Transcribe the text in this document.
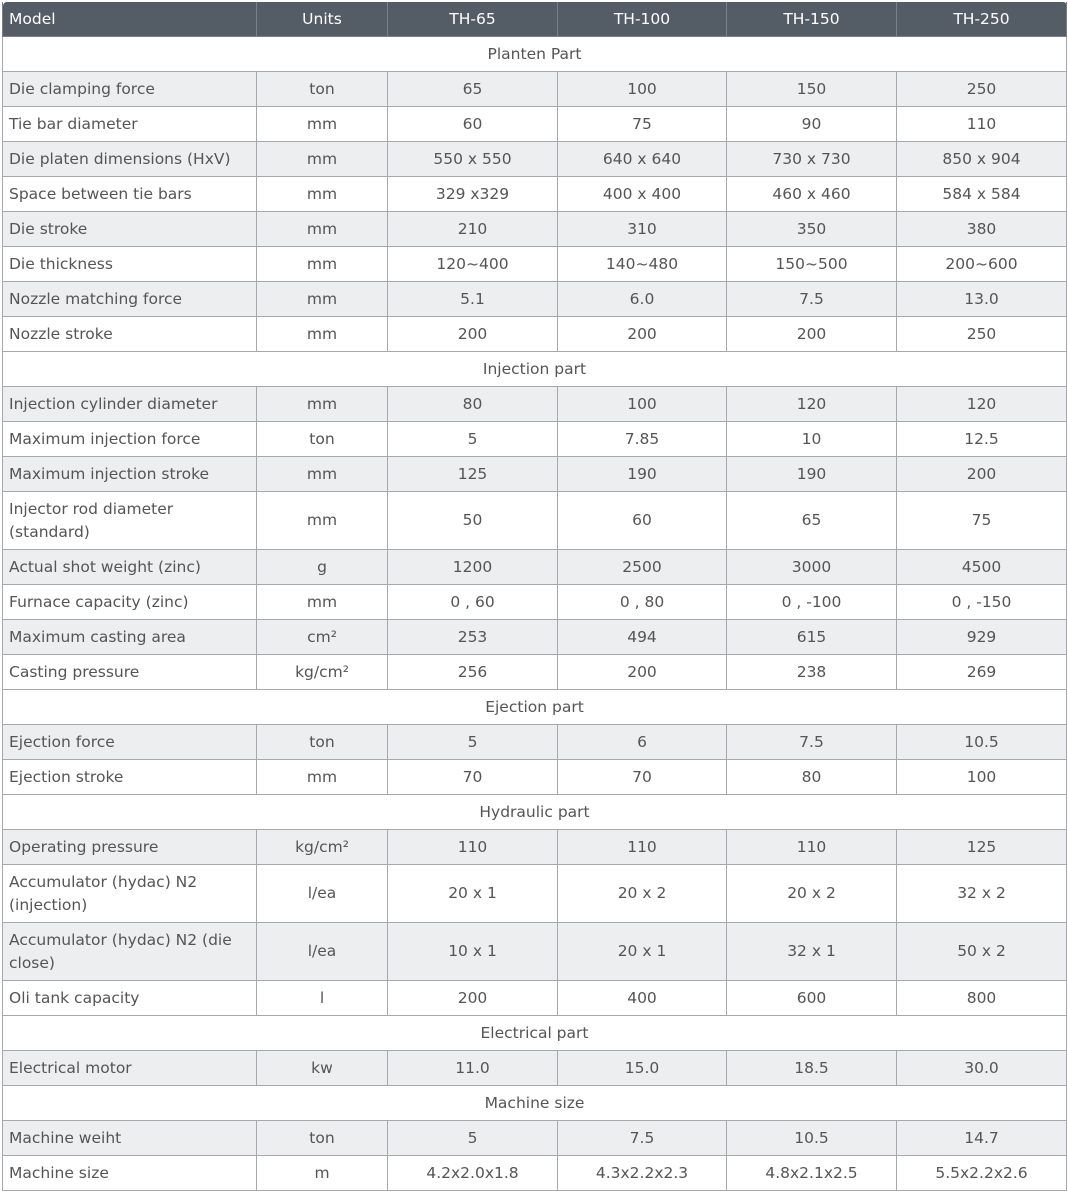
Model	Units	TH-65	TH-100	TH-150	TH-250
Planten Part					
Die clamping force	ton	65	100	150	250
Tie bar diameter	mm	60	75	90	110
Die platen dimensions (HxV)	mm	550 x 550	640 x 640	730 x 730	850 x 904
Space between tie bars	mm	329 x329	400 x 400	460 x 460	584 x 584
Die stroke	mm	210	310	350	380
Die thickness	mm	120~400	140~480	150~500	200~600
Nozzle matching force	mm	5.1	6.0	7.5	13.0
Nozzle stroke	mm	200	200	200	250
Injection part					
Injection cylinder diameter	mm	80	100	120	120
Maximum injection force	ton	5	7.85	10	12.5
Maximum injection stroke	mm	125	190	190	200
Injector rod diameter (standard)	mm	50	60	65	75
Actual shot weight (zinc)	g	1200	2500	3000	4500
Furnace capacity (zinc)	mm	0 , 60	0 , 80	0 , -100	0 , -150
Maximum casting area	cm²	253	494	615	929
Casting pressure	kg/cm²	256	200	238	269
Ejection part					
Ejection force	ton	5	6	7.5	10.5
Ejection stroke	mm	70	70	80	100
Hydraulic part					
Operating pressure	kg/cm²	110	110	110	125
Accumulator (hydac) N2 (injection)	l/ea	20 x 1	20 x 2	20 x 2	32 x 2
Accumulator (hydac) N2 (die close)	l/ea	10 x 1	20 x 1	32 x 1	50 x 2
Oli tank capacity	l	200	400	600	800
Electrical part					
Electrical motor	kw	11.0	15.0	18.5	30.0
Machine size					
Machine weiht	ton	5	7.5	10.5	14.7
Machine size	m	4.2x2.0x1.8	4.3x2.2x2.3	4.8x2.1x2.5	5.5x2.2x2.6
